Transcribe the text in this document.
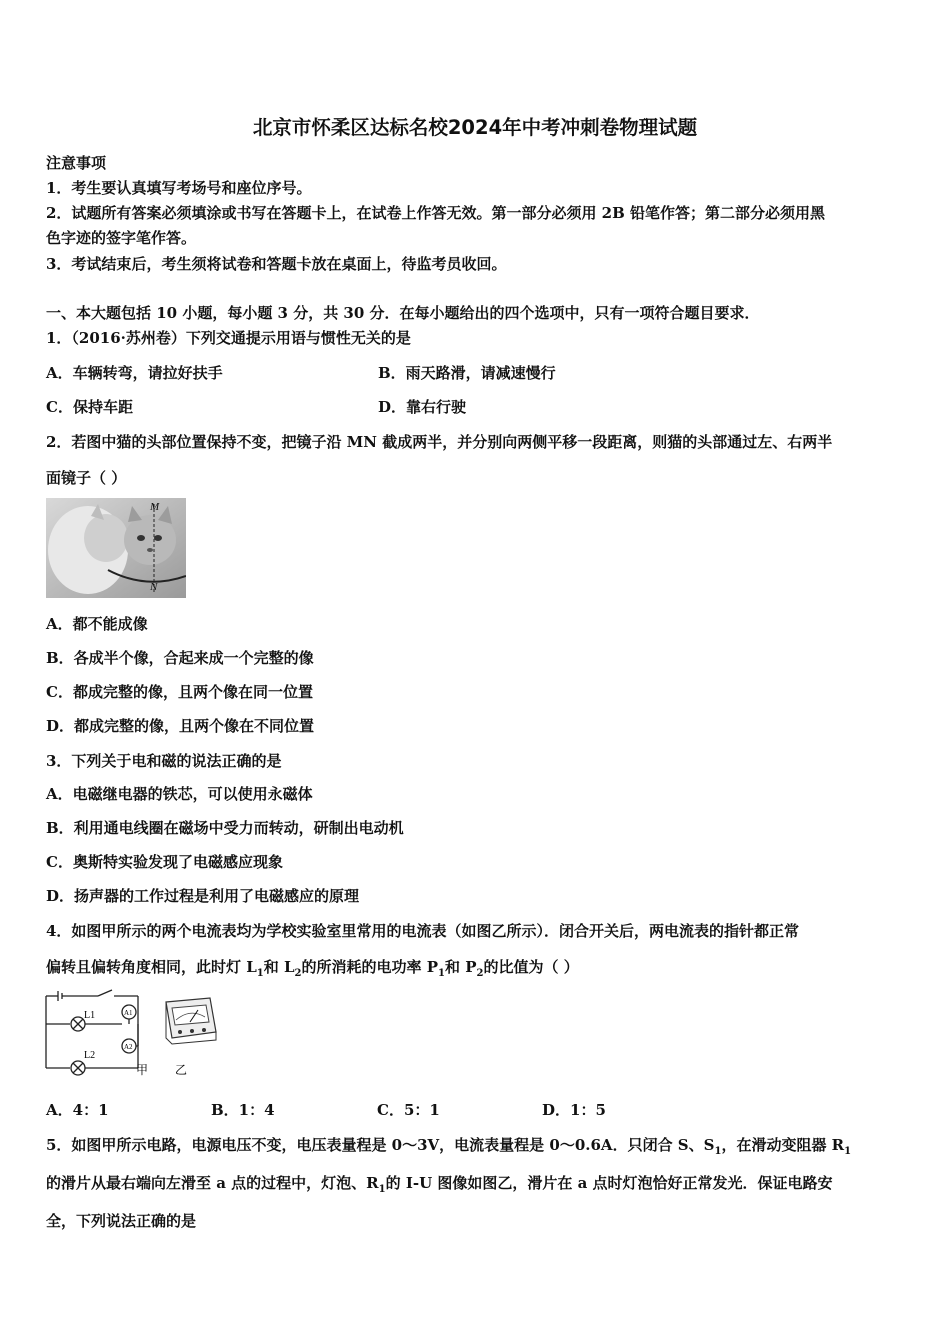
北京市怀柔区达标名校2024年中考冲刺卷物理试题
注意事项
1．考生要认真填写考场号和座位序号。
2．试题所有答案必须填涂或书写在答题卡上，在试卷上作答无效。第一部分必须用 2B 铅笔作答；第二部分必须用黑
色字迹的签字笔作答。
3．考试结束后，考生须将试卷和答题卡放在桌面上，待监考员收回。
一、本大题包括 10 小题，每小题 3 分，共 30 分．在每小题给出的四个选项中，只有一项符合题目要求．
1．（2016·苏州卷）下列交通提示用语与惯性无关的是
A．车辆转弯，请拉好扶手	B．雨天路滑，请减速慢行
C．保持车距	D．靠右行驶
2．若图中猫的头部位置保持不变，把镜子沿 MN 截成两半，并分别向两侧平移一段距离，则猫的头部通过左、右两半
面镜子（ ）
M
N
A．都不能成像
B．各成半个像，合起来成一个完整的像
C．都成完整的像，且两个像在同一位置
D．都成完整的像，且两个像在不同位置
3．下列关于电和磁的说法正确的是
A．电磁继电器的铁芯，可以使用永磁体
B．利用通电线圈在磁场中受力而转动，研制出电动机
C．奥斯特实验发现了电磁感应现象
D．扬声器的工作过程是利用了电磁感应的原理
4．如图甲所示的两个电流表均为学校实验室里常用的电流表（如图乙所示）．闭合开关后，两电流表的指针都正常
偏转且偏转角度相同，此时灯 $L_1$和 $L_2$的所消耗的电功率 $P_1$和 $P_2$的比值为（ ）
L1
L2
A1
A2
甲 乙
A．4：1	B．1：4	C．5：1	D．1：5
5．如图甲所示电路，电源电压不变，电压表量程是 0～3V，电流表量程是 0～0.6A．只闭合 S、$S_1$，在滑动变阻器 $R_1$
的滑片从最右端向左滑至 a 点的过程中，灯泡、$R_1$的 I-U 图像如图乙，滑片在 a 点时灯泡恰好正常发光．保证电路安
全，下列说法正确的是
